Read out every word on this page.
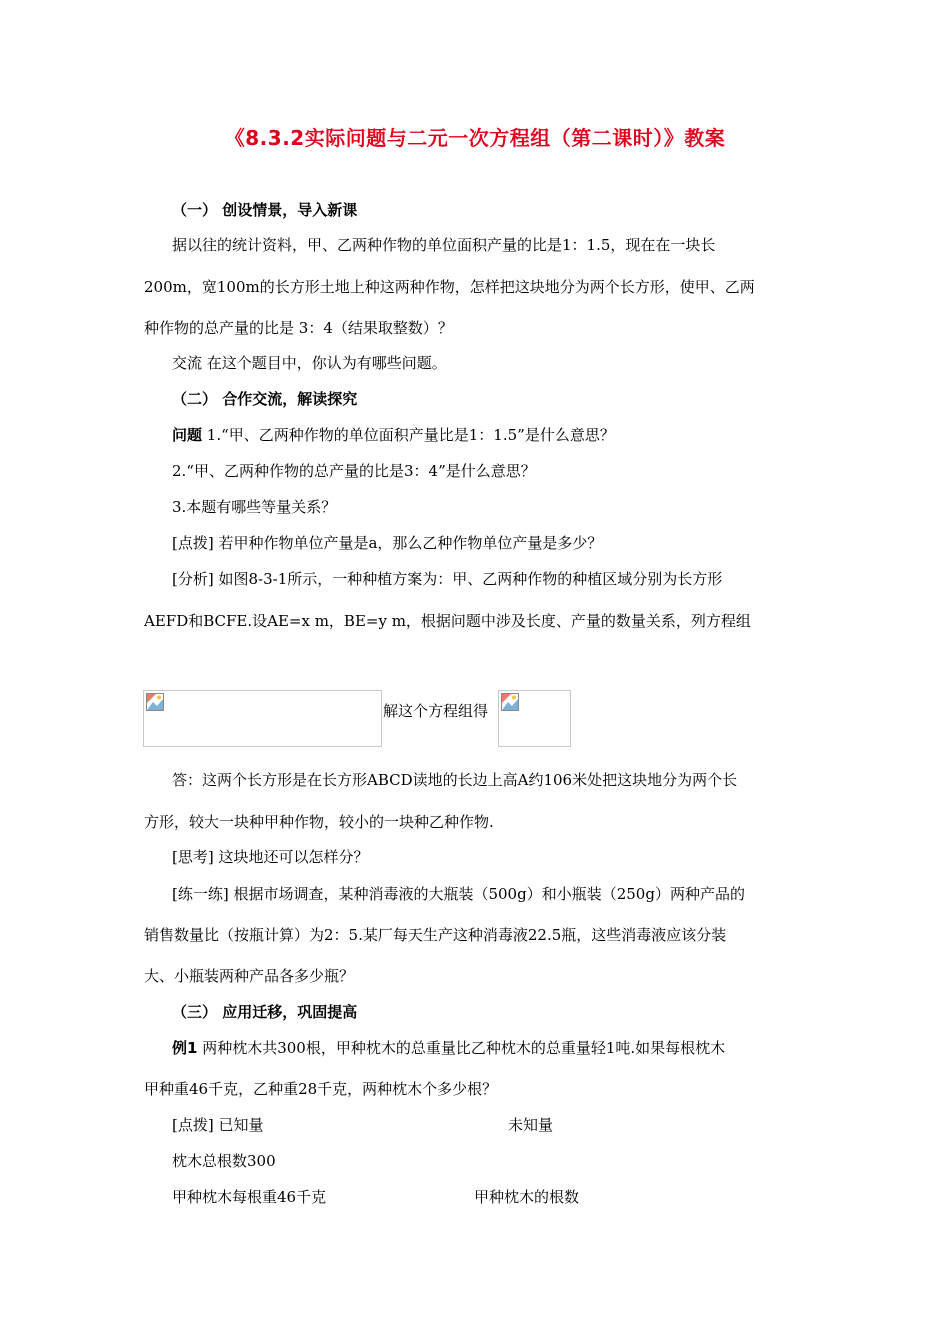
《8.3.2实际问题与二元一次方程组（第二课时）》教案
（一） 创设情景，导入新课
据以往的统计资料，甲、乙两种作物的单位面积产量的比是1：1.5，现在在一块长
200m，宽100m的长方形土地上种这两种作物，怎样把这块地分为两个长方形，使甲、乙两
种作物的总产量的比是 3：4（结果取整数）？
交流 在这个题目中，你认为有哪些问题。
（二） 合作交流，解读探究
问题 1.“甲、乙两种作物的单位面积产量比是1：1.5”是什么意思？
2.“甲、乙两种作物的总产量的比是3：4”是什么意思？
3.本题有哪些等量关系？
[点拨] 若甲种作物单位产量是a，那么乙种作物单位产量是多少？
[分析] 如图8-3-1所示，一种种植方案为：甲、乙两种作物的种植区域分别为长方形
AEFD和BCFE.设AE=x m，BE=y m，根据问题中涉及长度、产量的数量关系，列方程组
解这个方程组得
答：这两个长方形是在长方形ABCD读地的长边上高A约106米处把这块地分为两个长
方形，较大一块种甲种作物，较小的一块种乙种作物.
[思考] 这块地还可以怎样分？
[练一练] 根据市场调查，某种消毒液的大瓶装（500g）和小瓶装（250g）两种产品的
销售数量比（按瓶计算）为2：5.某厂每天生产这种消毒液22.5瓶，这些消毒液应该分装
大、小瓶装两种产品各多少瓶？
（三） 应用迁移，巩固提高
例1 两种枕木共300根，甲种枕木的总重量比乙种枕木的总重量轻1吨.如果每根枕木
甲种重46千克，乙种重28千克，两种枕木个多少根？
[点拨] 已知量	未知量
枕木总根数300
甲种枕木每根重46千克	甲种枕木的根数
